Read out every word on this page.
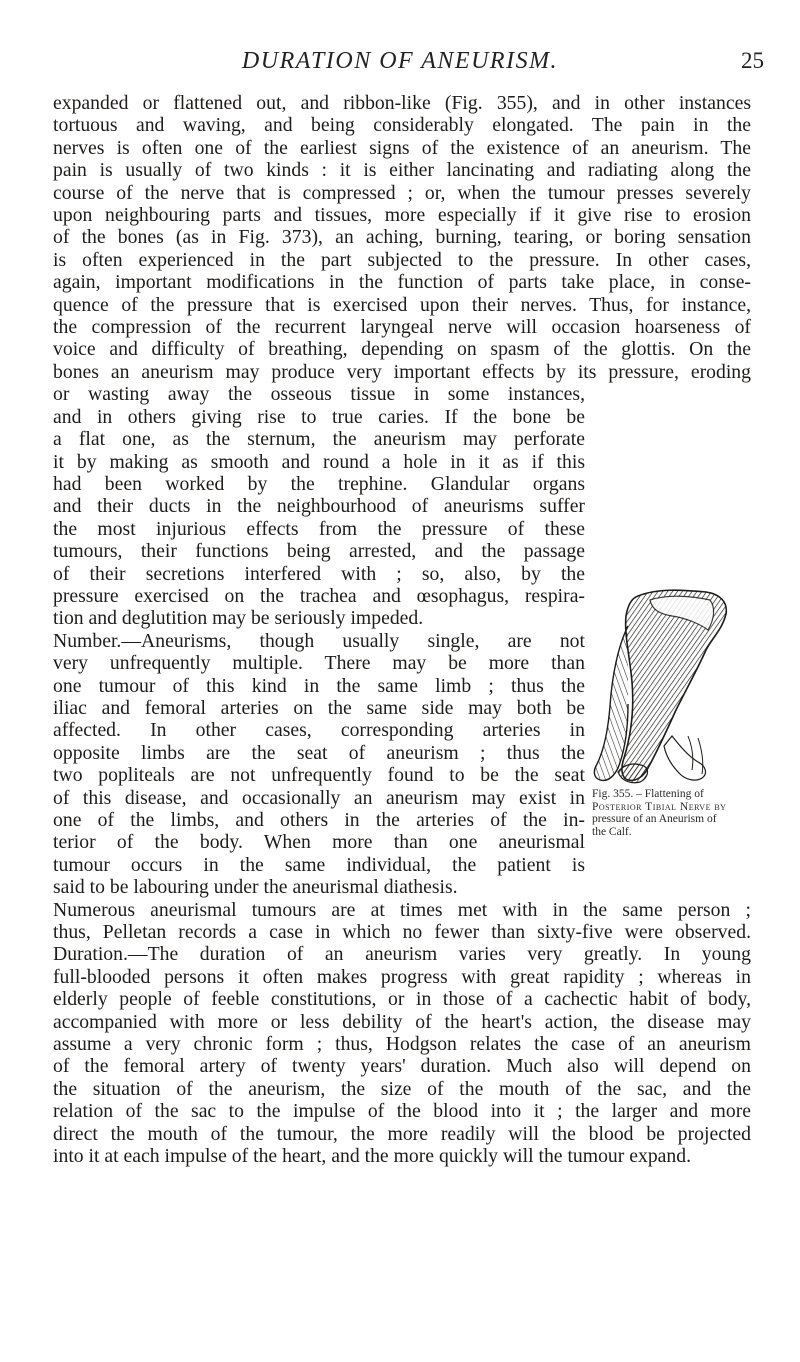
DURATION OF ANEURISM.	25
expanded or flattened out, and ribbon-like (Fig. 355), and in other instances
tortuous and waving, and being considerably elongated. The pain in the
nerves is often one of the earliest signs of the existence of an aneurism. The
pain is usually of two kinds : it is either lancinating and radiating along the
course of the nerve that is compressed ; or, when the tumour presses severely
upon neighbouring parts and tissues, more especially if it give rise to erosion
of the bones (as in Fig. 373), an aching, burning, tearing, or boring sensation
is often experienced in the part subjected to the pressure. In other cases,
again, important modifications in the function of parts take place, in conse-
quence of the pressure that is exercised upon their nerves. Thus, for instance,
the compression of the recurrent laryngeal nerve will occasion hoarseness of
voice and difficulty of breathing, depending on spasm of the glottis. On the
bones an aneurism may produce very important effects by its pressure, eroding
or wasting away the osseous tissue in some instances,
and in others giving rise to true caries. If the bone be
a flat one, as the sternum, the aneurism may perforate
it by making as smooth and round a hole in it as if this
had been worked by the trephine. Glandular organs
and their ducts in the neighbourhood of aneurisms suffer
the most injurious effects from the pressure of these
tumours, their functions being arrested, and the passage
of their secretions interfered with ; so, also, by the
pressure exercised on the trachea and œsophagus, respira-
tion and deglutition may be seriously impeded.
Number.—Aneurisms, though usually single, are not
very unfrequently multiple. There may be more than
one tumour of this kind in the same limb ; thus the
iliac and femoral arteries on the same side may both be
affected. In other cases, corresponding arteries in
opposite limbs are the seat of aneurism ; thus the
two popliteals are not unfrequently found to be the seat
of this disease, and occasionally an aneurism may exist in
one of the limbs, and others in the arteries of the in-
terior of the body. When more than one aneurismal
tumour occurs in the same individual, the patient is
said to be labouring under the aneurismal diathesis.
Numerous aneurismal tumours are at times met with in the same person ;
thus, Pelletan records a case in which no fewer than sixty-five were observed.
Duration.—The duration of an aneurism varies very greatly. In young
full-blooded persons it often makes progress with great rapidity ; whereas in
elderly people of feeble constitutions, or in those of a cachectic habit of body,
accompanied with more or less debility of the heart's action, the disease may
assume a very chronic form ; thus, Hodgson relates the case of an aneurism
of the femoral artery of twenty years' duration. Much also will depend on
the situation of the aneurism, the size of the mouth of the sac, and the
relation of the sac to the impulse of the blood into it ; the larger and more
direct the mouth of the tumour, the more readily will the blood be projected
into it at each impulse of the heart, and the more quickly will the tumour expand.
Fig. 355. – Flattening of
Posterior Tibial Nerve by
pressure of an Aneurism of
the Calf.
